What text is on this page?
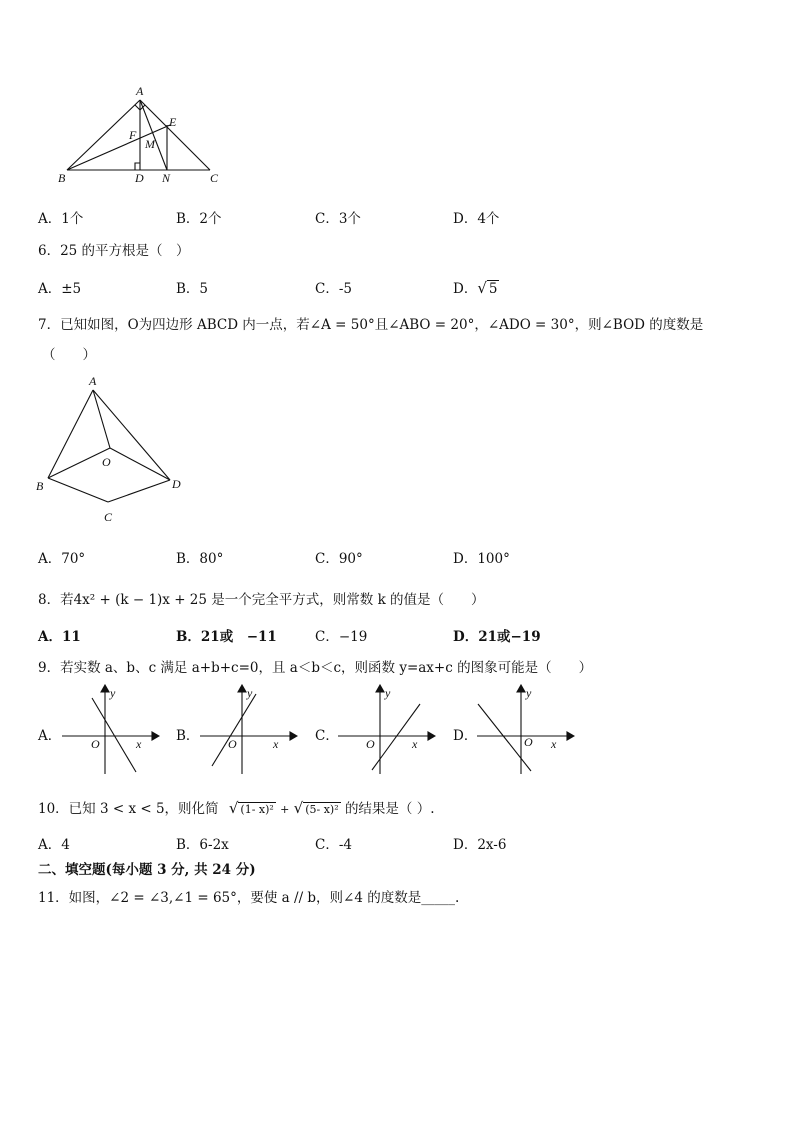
A
B	C
D
E
F
M
N
A．1个	B．2个	C．3个	D．4个
6．25 的平方根是（　）
A．±5	B．5	C．-5	D．√ 5
7．已知如图，O为四边形 ABCD 内一点，若∠A = 50°且∠ABO = 20°，∠ADO = 30°，则∠BOD 的度数是
（　　）
A
B
C
D
O
A．70°	B．80°	C．90°	D．100°
8．若4x² + (k − 1)x + 25 是一个完全平方式，则常数 k 的值是（　　）
A．11	B．21或　−11	C．−19	D．21或−19
9．若实数 a、b、c 满足 a+b+c=0，且 a＜b＜c，则函数 y=ax+c 的图象可能是（　　）
A．
y
x
O	B．
y
x
O	C．
y
x
O	D．
y
x
O
10．已知 3 < x < 5，则化简 √ (1- x)² + √ (5- x)² 的结果是（ ）.
A．4	B．6-2x	C．-4	D．2x-6
二、填空题(每小题 3 分, 共 24 分)
11．如图，∠2 = ∠3,∠1 = 65°，要使 a // b，则∠4 的度数是_____.
